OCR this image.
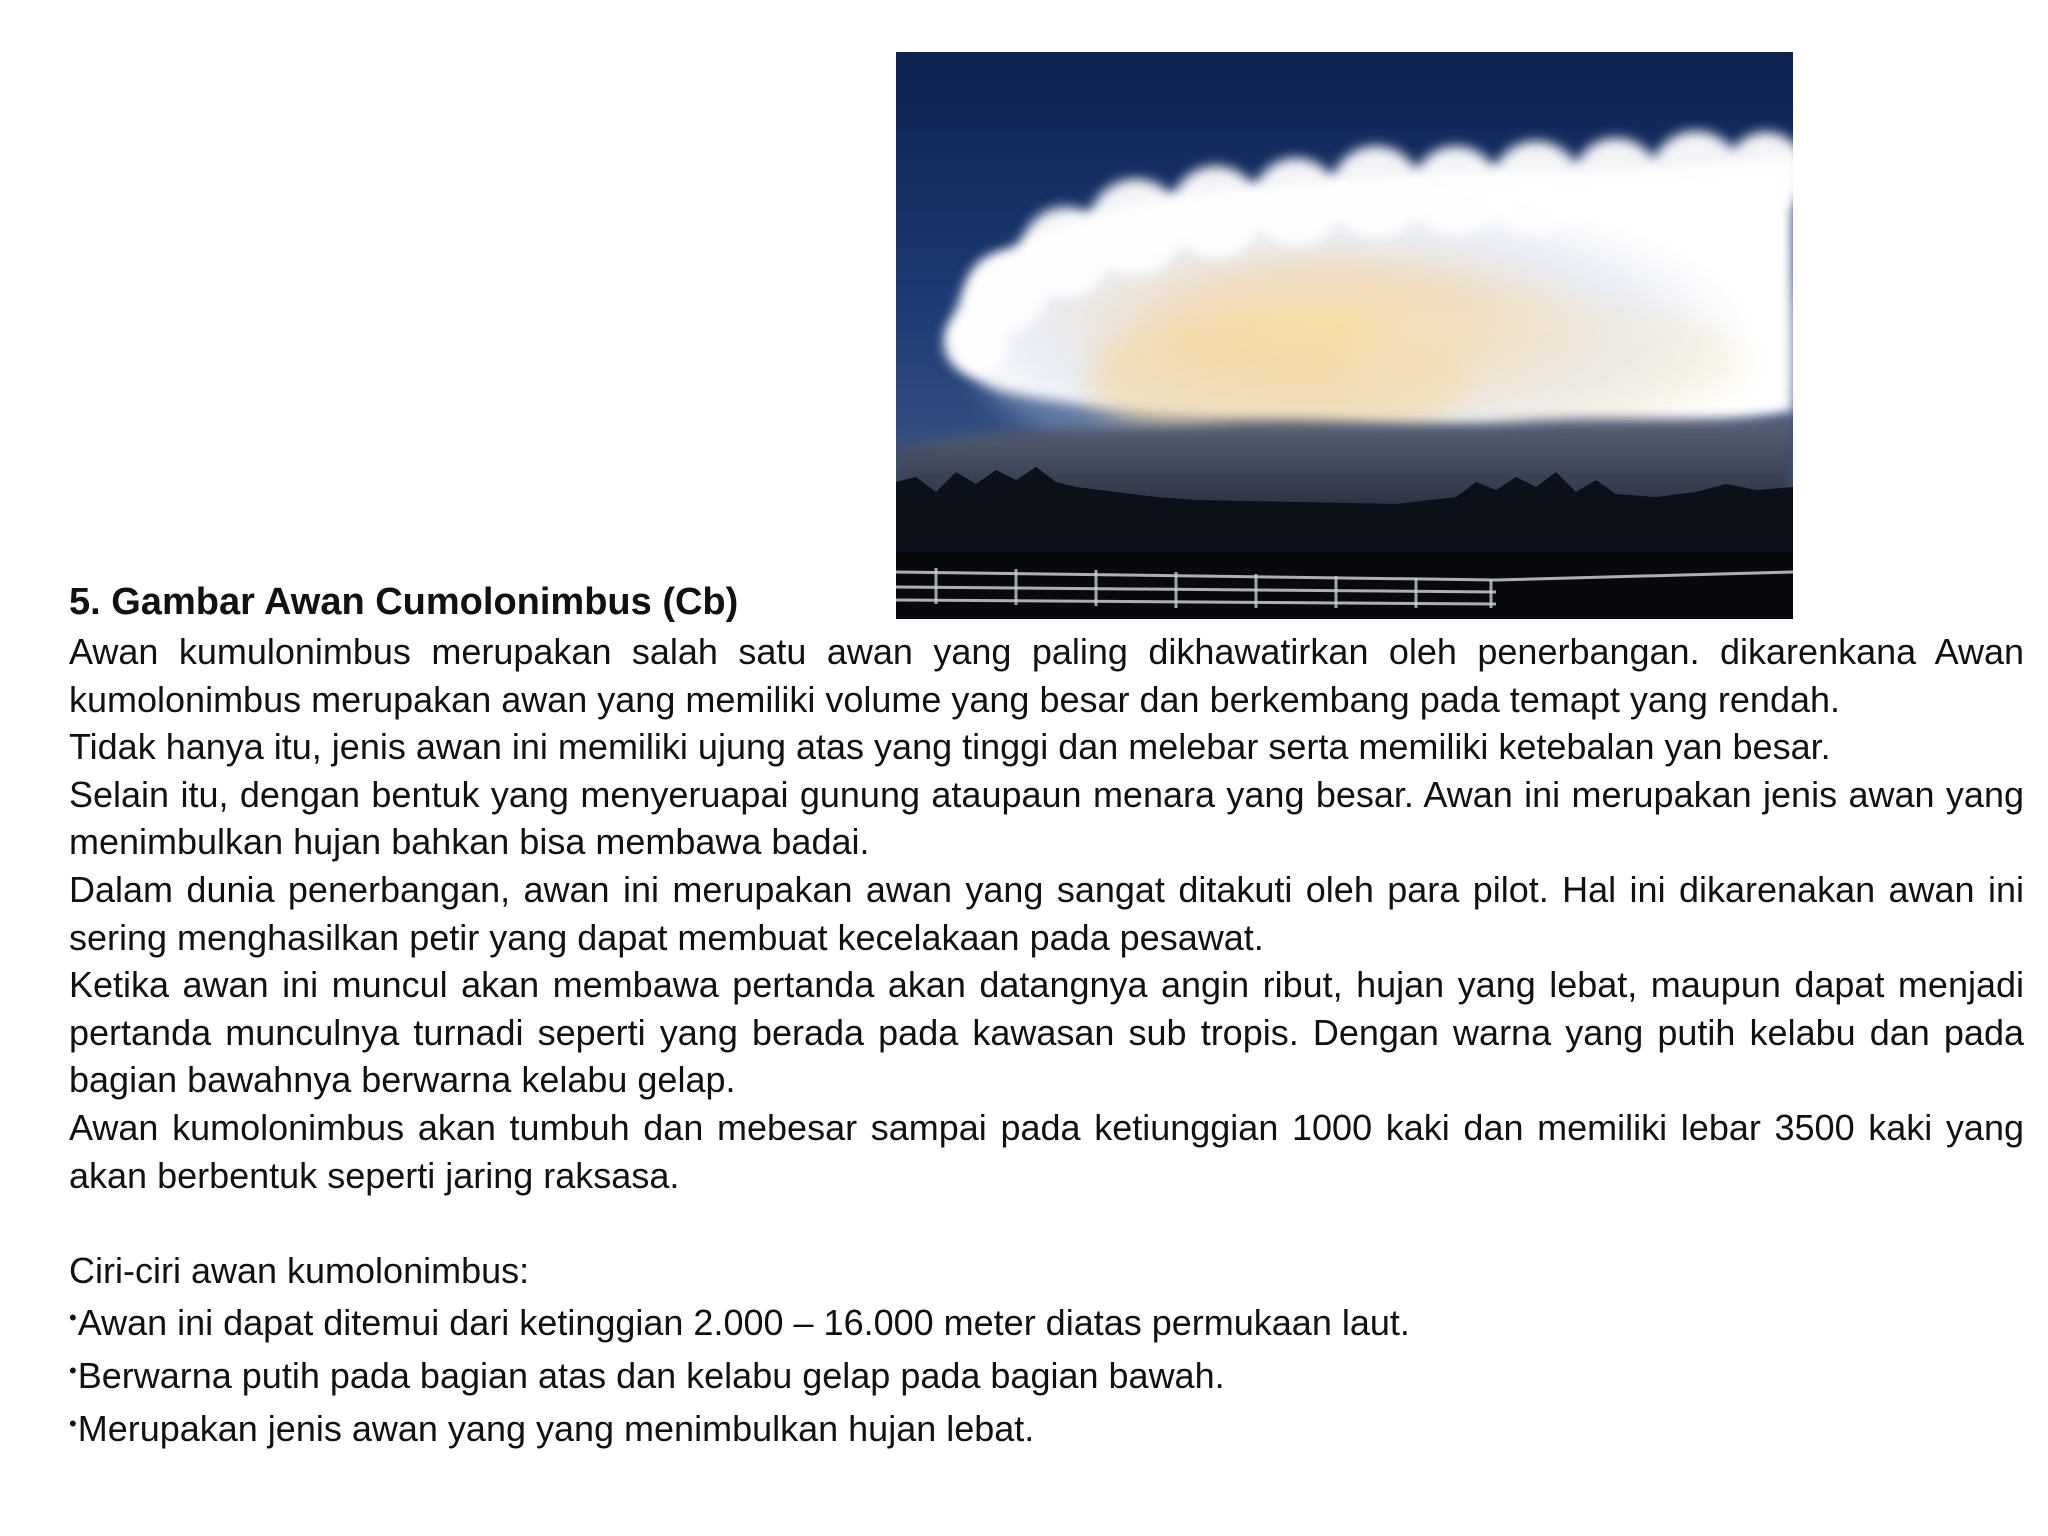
5. Gambar Awan Cumolonimbus (Cb)

Awan kumulonimbus merupakan salah satu awan yang paling dikhawatirkan oleh penerbangan. dikarenkana Awan kumolonimbus merupakan awan yang memiliki volume yang besar dan berkembang pada temapt yang rendah.

Tidak hanya itu, jenis awan ini memiliki ujung atas yang tinggi dan melebar serta memiliki ketebalan yan besar.

Selain itu, dengan bentuk yang menyeruapai gunung ataupaun menara yang besar. Awan ini merupakan jenis awan yang menimbulkan hujan bahkan bisa membawa badai.

Dalam dunia penerbangan, awan ini merupakan awan yang sangat ditakuti oleh para pilot. Hal ini dikarenakan awan ini sering menghasilkan petir yang dapat membuat kecelakaan pada pesawat.

Ketika awan ini muncul akan membawa pertanda akan datangnya angin ribut, hujan yang lebat, maupun dapat menjadi pertanda munculnya turnadi seperti yang berada pada kawasan sub tropis. Dengan warna yang putih kelabu dan pada bagian bawahnya berwarna kelabu gelap.

Awan kumolonimbus akan tumbuh dan mebesar sampai pada ketiunggian 1000 kaki dan memiliki lebar 3500 kaki yang akan berbentuk seperti jaring raksasa.

Ciri-ciri awan kumolonimbus:

•Awan ini dapat ditemui dari ketinggian 2.000 – 16.000 meter diatas permukaan laut.
•Berwarna putih pada bagian atas dan kelabu gelap pada bagian bawah.
•Merupakan jenis awan yang yang menimbulkan hujan lebat.
